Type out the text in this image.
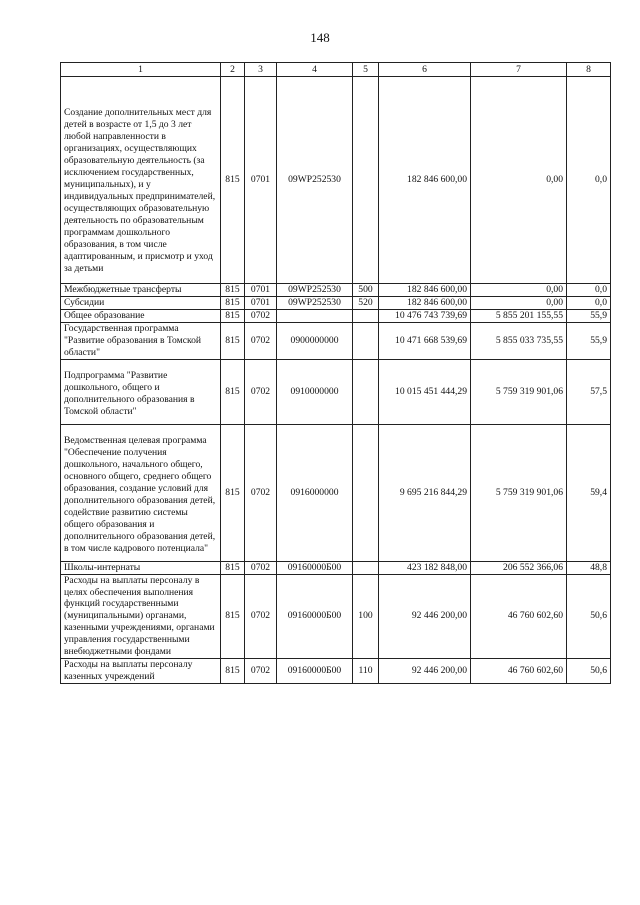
148
1	2	3	4	5	6	7	8
Создание дополнительных мест для детей в возрасте от 1,5 до 3 лет любой направленности в организациях, осуществляющих образовательную деятельность (за исключением государственных, муниципальных), и у индивидуальных предпринимателей, осуществляющих образовательную деятельность по образовательным программам дошкольного образования, в том числе адаптированным, и присмотр и уход за детьми	815	0701	09WP252530		182 846 600,00	0,00	0,0
Межбюджетные трансферты	815	0701	09WP252530	500	182 846 600,00	0,00	0,0
Субсидии	815	0701	09WP252530	520	182 846 600,00	0,00	0,0
Общее образование	815	0702			10 476 743 739,69	5 855 201 155,55	55,9
Государственная программа "Развитие образования в Томской области"	815	0702	0900000000		10 471 668 539,69	5 855 033 735,55	55,9
Подпрограмма "Развитие дошкольного, общего и дополнительного образования в Томской области"	815	0702	0910000000		10 015 451 444,29	5 759 319 901,06	57,5
Ведомственная целевая программа "Обеспечение получения дошкольного, начального общего, основного общего, среднего общего образования, создание условий для дополнительного образования детей, содействие развитию системы общего образования и дополнительного образования детей, в том числе кадрового потенциала"	815	0702	0916000000		9 695 216 844,29	5 759 319 901,06	59,4
Школы-интернаты	815	0702	09160000Б00		423 182 848,00	206 552 366,06	48,8
Расходы на выплаты персоналу в целях обеспечения выполнения функций государственными (муниципальными) органами, казенными учреждениями, органами управления государственными внебюджетными фондами	815	0702	09160000Б00	100	92 446 200,00	46 760 602,60	50,6
Расходы на выплаты персоналу казенных учреждений	815	0702	09160000Б00	110	92 446 200,00	46 760 602,60	50,6
